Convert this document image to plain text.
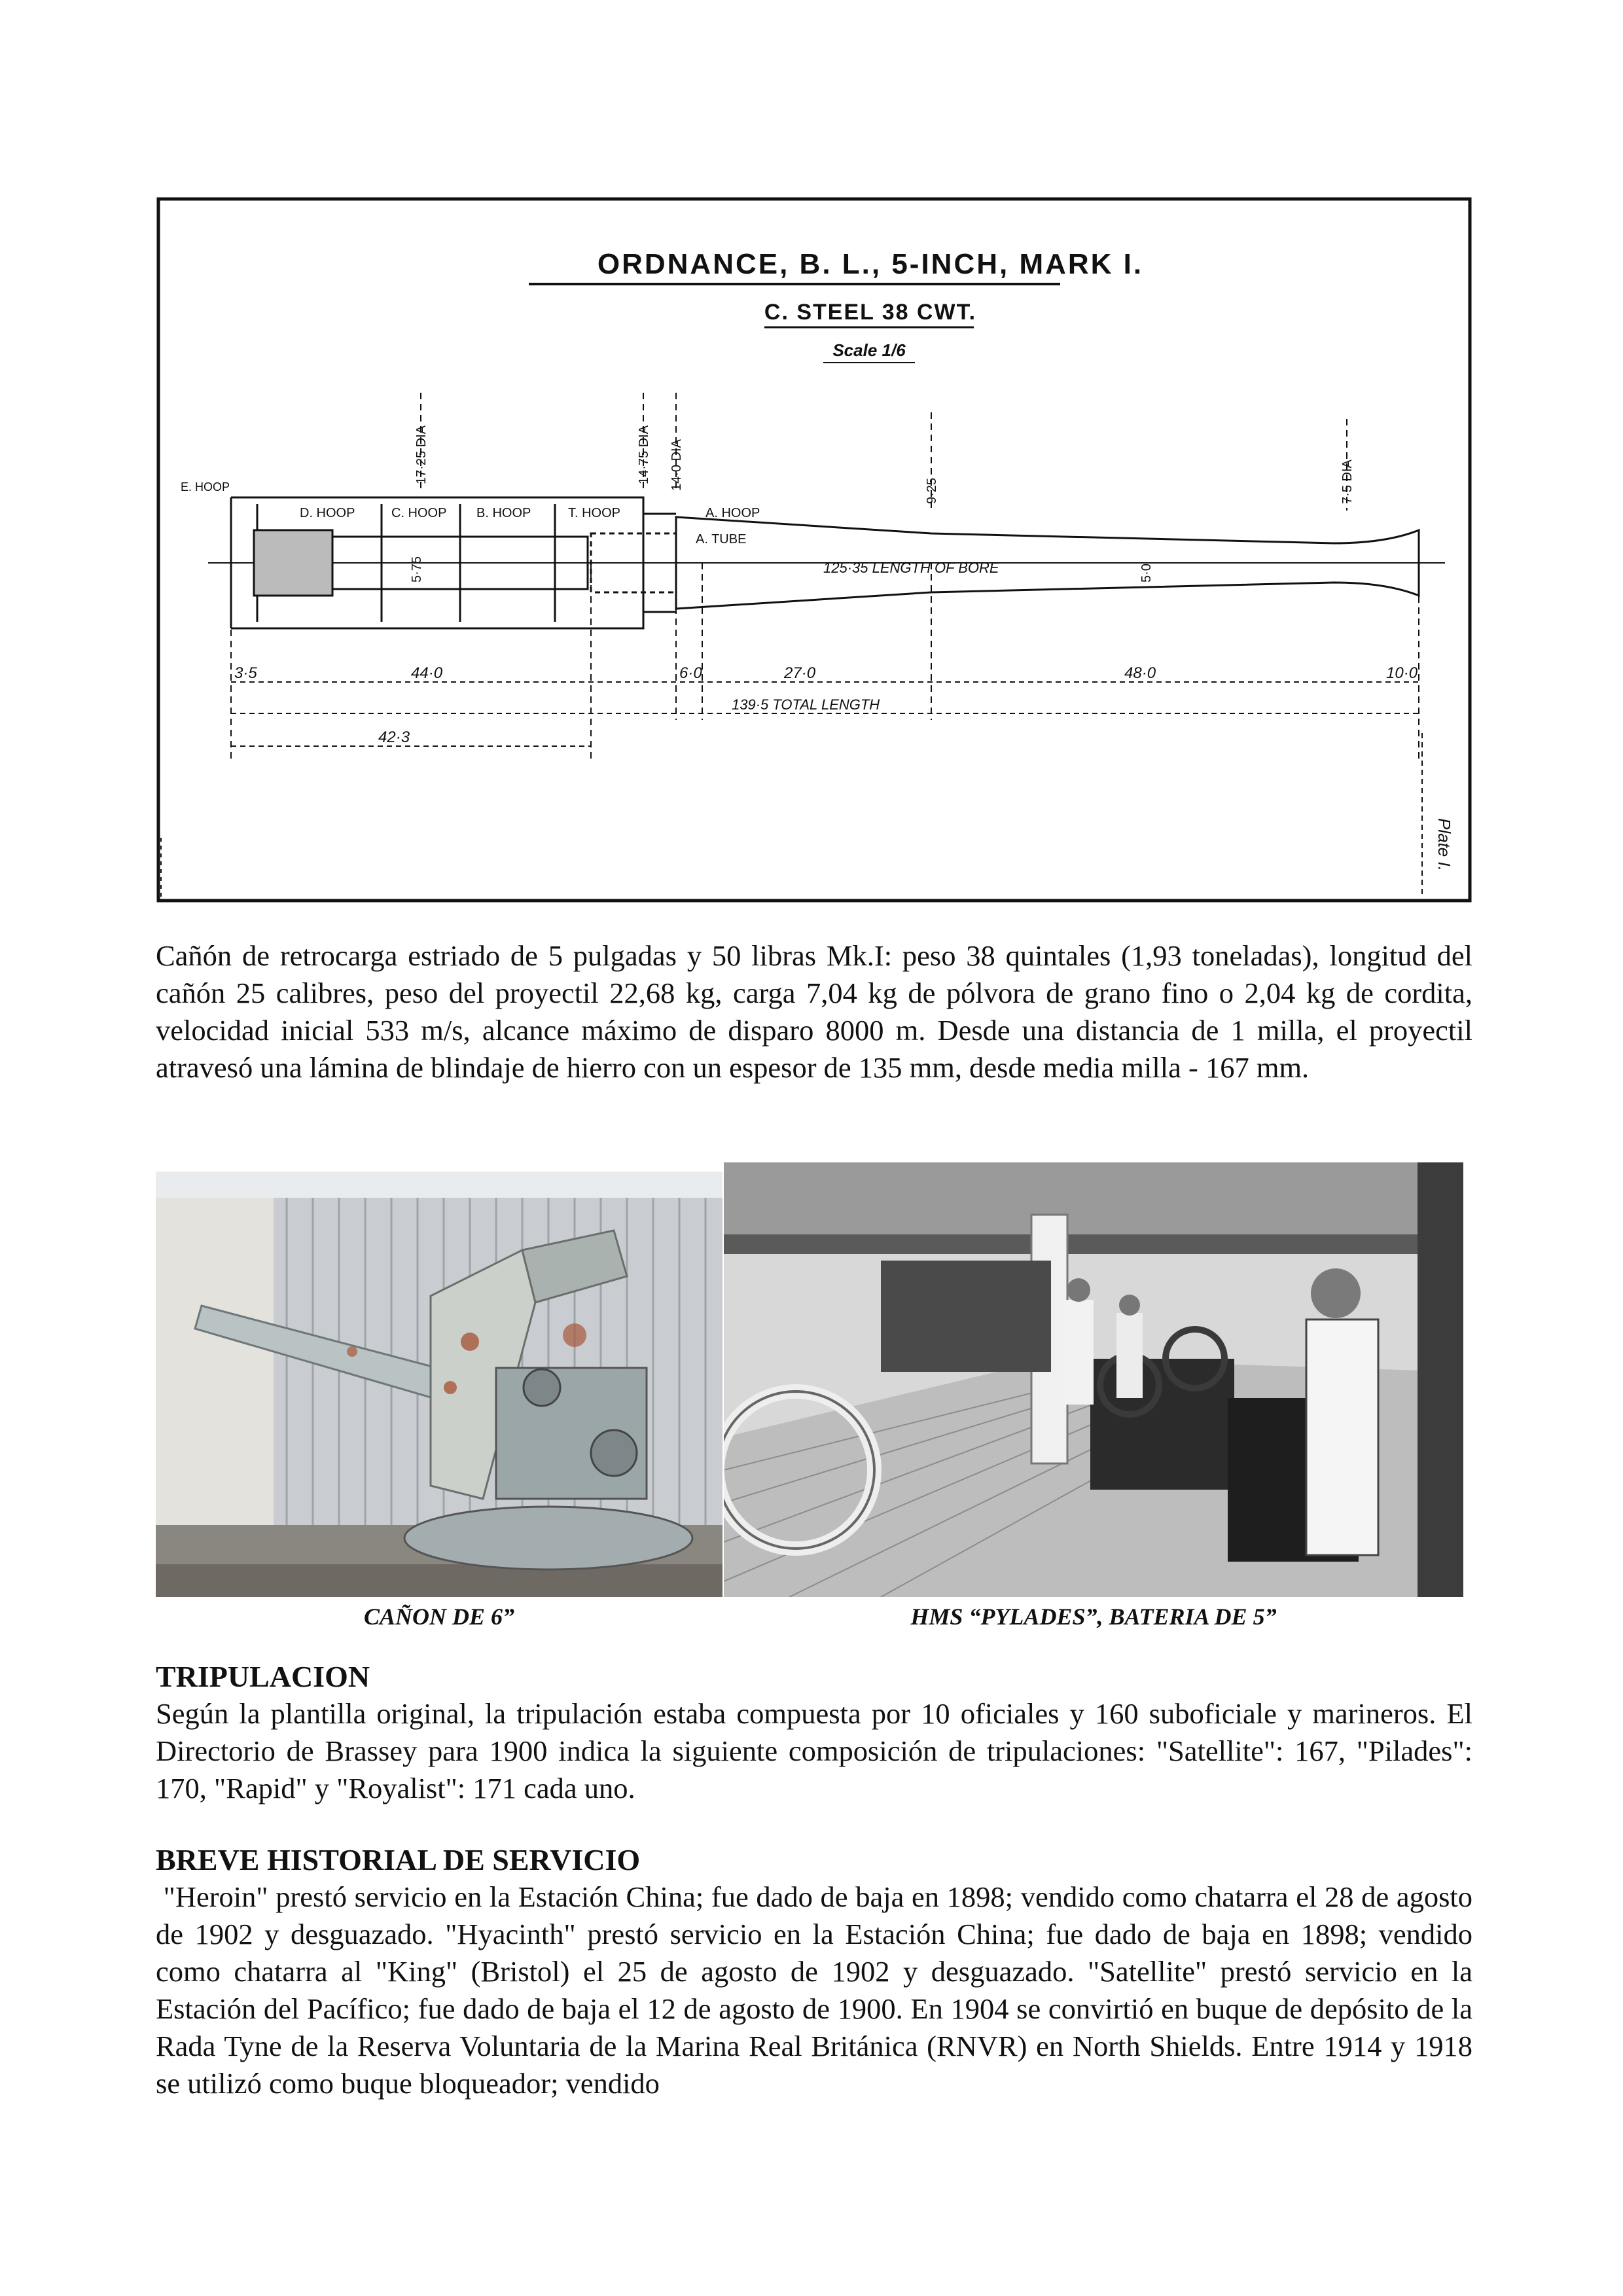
ORDNANCE, B. L., 5-INCH, MARK I.
C. STEEL 38 CWT.
Scale 1/6
17·25 DIA	14·75 DIA 14·0 DIA	9·25	7·5 DIA
E. HOOP
D. HOOP	C. HOOP B. HOOP	T. HOOP	A. HOOP
A. TUBE
125·35 LENGTH OF BORE
5·75	5·0
3·5	44·0	6·0	27·0	48·0	10·0
139·5 TOTAL LENGTH
42·3
Plate I.

Cañón de retrocarga estriado de 5 pulgadas y 50 libras Mk.I: peso 38 quintales (1,93 toneladas), longitud del cañón 25 calibres, peso del proyectil 22,68 kg, carga 7,04 kg de pólvora de grano fino o 2,04 kg de cordita, velocidad inicial 533 m/s, alcance máximo de disparo 8000 m. Desde una distancia de 1 milla, el proyectil atravesó una lámina de blindaje de hierro con un espesor de 135 mm, desde media milla - 167 mm.

CAÑON DE 6”	HMS “PYLADES”, BATERIA DE 5”
TRIPULACION

Según la plantilla original, la tripulación estaba compuesta por 10 oficiales y 160 suboficiale y marineros. El Directorio de Brassey para 1900 indica la siguiente composición de tripulaciones: "Satellite": 167, "Pilades": 170, "Rapid" y "Royalist": 171 cada uno.

BREVE HISTORIAL DE SERVICIO

"Heroin" prestó servicio en la Estación China; fue dado de baja en 1898; vendido como chatarra el 28 de agosto de 1902 y desguazado. "Hyacinth" prestó servicio en la Estación China; fue dado de baja en 1898; vendido como chatarra al "King" (Bristol) el 25 de agosto de 1902 y desguazado. "Satellite" prestó servicio en la Estación del Pacífico; fue dado de baja el 12 de agosto de 1900. En 1904 se convirtió en buque de depósito de la Rada Tyne de la Reserva Voluntaria de la Marina Real Británica (RNVR) en North Shields. Entre 1914 y 1918 se utilizó como buque bloqueador; vendido
